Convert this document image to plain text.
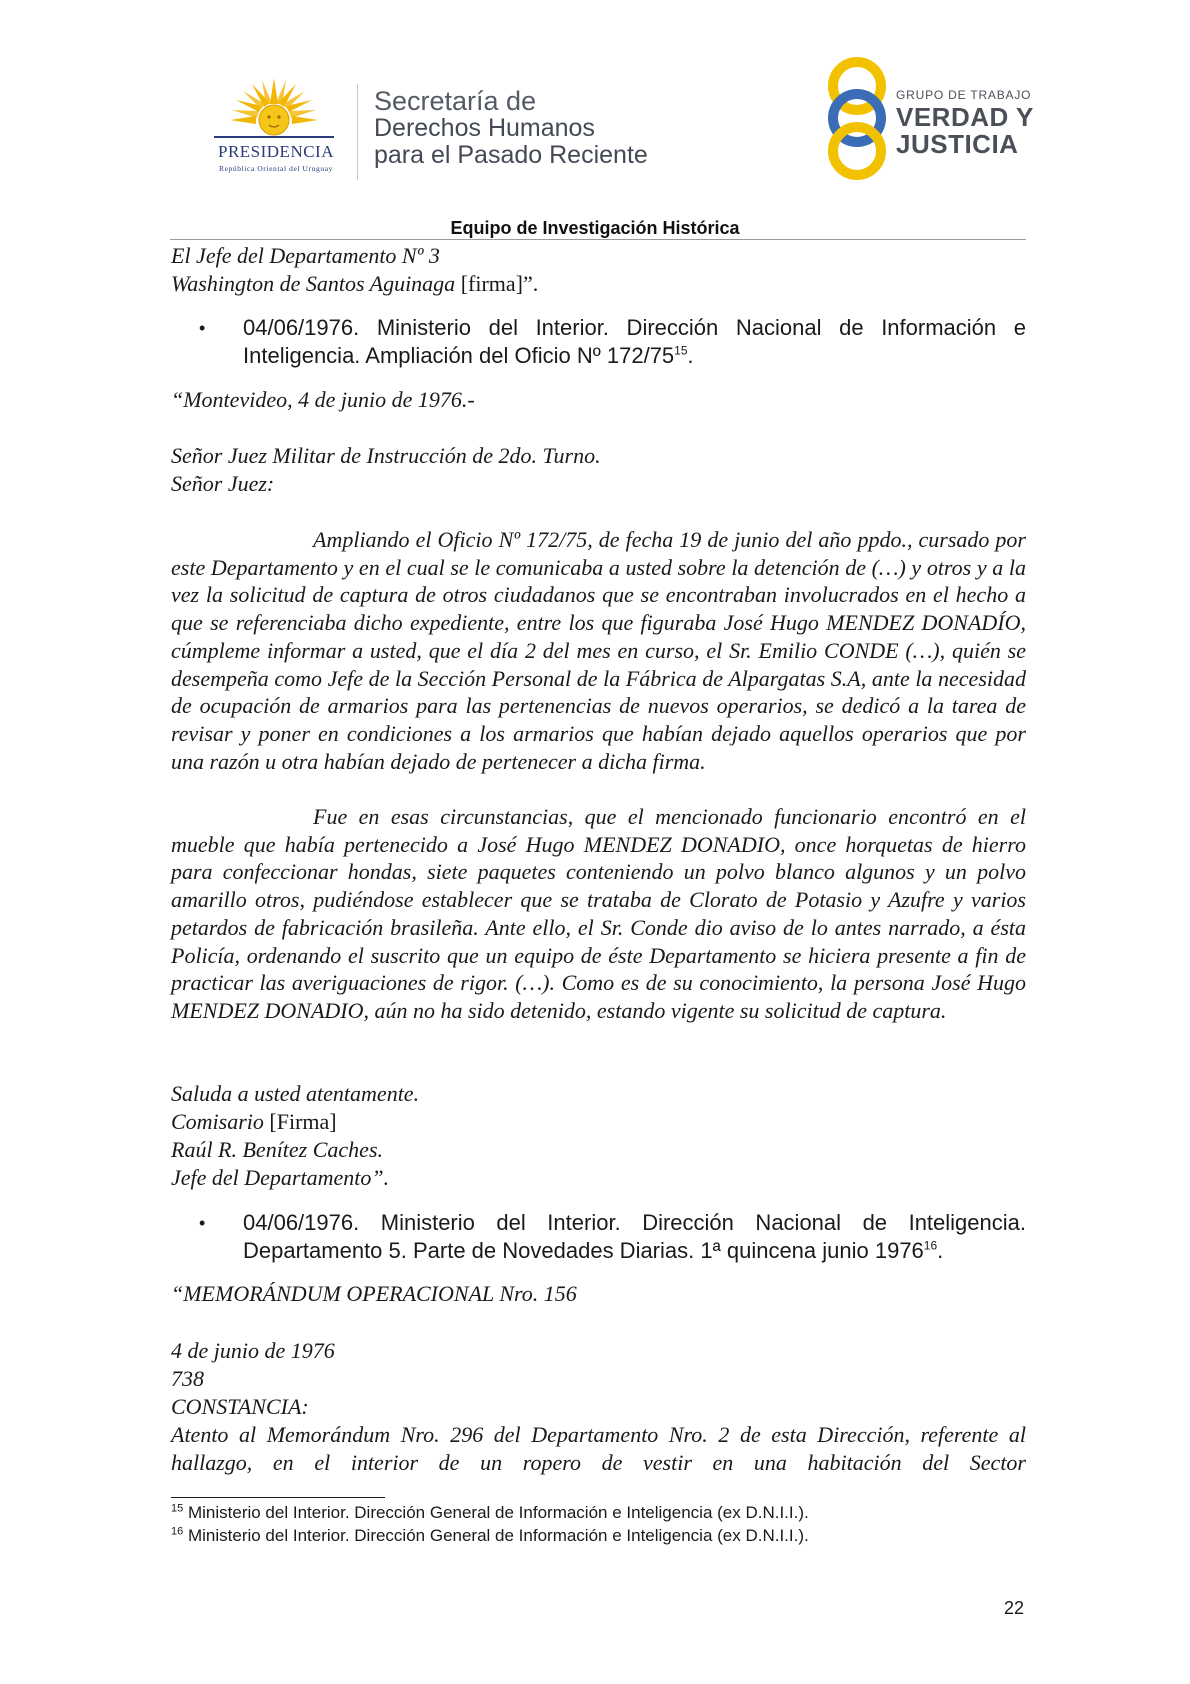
PRESIDENCIA
República Oriental del Uruguay
Secretaría de
Derechos Humanos
para el Pasado Reciente
GRUPO DE TRABAJO
VERDAD Y
JUSTICIA
Equipo de Investigación Histórica
El Jefe del Departamento Nº 3
Washington de Santos Aguinaga [firma]”.
• 04/06/1976. Ministerio del Interior. Dirección Nacional de Información e Inteligencia. Ampliación del Oficio Nº $172/75^{15}$.
“Montevideo, 4 de junio de 1976.-
Señor Juez Militar de Instrucción de 2do. Turno.
Señor Juez:
Ampliando el Oficio Nº 172/75, de fecha 19 de junio del año ppdo., cursado por este Departamento y en el cual se le comunicaba a usted sobre la detención de (…) y otros y a la vez la solicitud de captura de otros ciudadanos que se encontraban involucrados en el hecho a que se referenciaba dicho expediente, entre los que figuraba José Hugo MENDEZ DONADÍO, cúmpleme informar a usted, que el día 2 del mes en curso, el Sr. Emilio CONDE (…), quién se desempeña como Jefe de la Sección Personal de la Fábrica de Alpargatas S.A, ante la necesidad de ocupación de armarios para las pertenencias de nuevos operarios, se dedicó a la tarea de revisar y poner en condiciones a los armarios que habían dejado aquellos operarios que por una razón u otra habían dejado de pertenecer a dicha firma.
Fue en esas circunstancias, que el mencionado funcionario encontró en el mueble que había pertenecido a José Hugo MENDEZ DONADIO, once horquetas de hierro para confeccionar hondas, siete paquetes conteniendo un polvo blanco algunos y un polvo amarillo otros, pudiéndose establecer que se trataba de Clorato de Potasio y Azufre y varios petardos de fabricación brasileña. Ante ello, el Sr. Conde dio aviso de lo antes narrado, a ésta Policía, ordenando el suscrito que un equipo de éste Departamento se hiciera presente a fin de practicar las averiguaciones de rigor. (…). Como es de su conocimiento, la persona José Hugo MENDEZ DONADIO, aún no ha sido detenido, estando vigente su solicitud de captura.
Saluda a usted atentamente.
Comisario [Firma]
Raúl R. Benítez Caches.
Jefe del Departamento”.
• 04/06/1976. Ministerio del Interior. Dirección Nacional de Inteligencia. Departamento 5. Parte de Novedades Diarias. 1ª quincena junio 1976$^{16}$.
“MEMORÁNDUM OPERACIONAL Nro. 156
4 de junio de 1976
738
CONSTANCIA:
Atento al Memorándum Nro. 296 del Departamento Nro. 2 de esta Dirección, referente al hallazgo, en el interior de un ropero de vestir en una habitación del Sector
$^{15}$ Ministerio del Interior. Dirección General de Información e Inteligencia (ex D.N.I.I.).
$^{16}$ Ministerio del Interior. Dirección General de Información e Inteligencia (ex D.N.I.I.).
22
